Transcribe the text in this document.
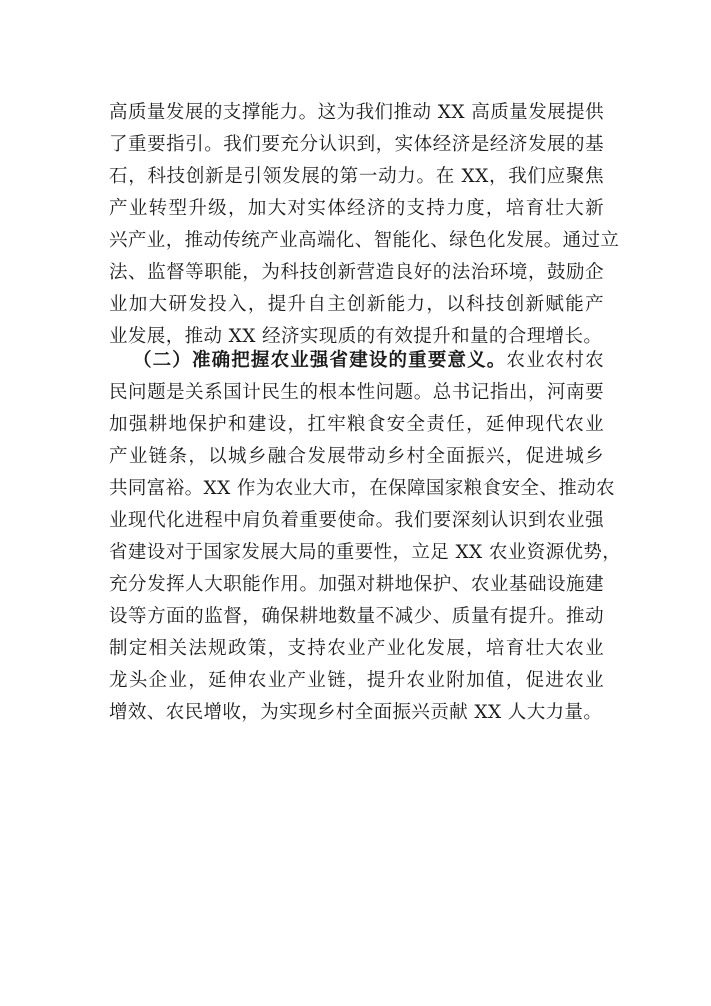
高质量发展的支撑能力。这为我们推动 XX 高质量发展提供
了重要指引。我们要充分认识到，实体经济是经济发展的基
石，科技创新是引领发展的第一动力。在 XX，我们应聚焦
产业转型升级，加大对实体经济的支持力度，培育壮大新
兴产业，推动传统产业高端化、智能化、绿色化发展。通过立
法、监督等职能，为科技创新营造良好的法治环境，鼓励企
业加大研发投入，提升自主创新能力，以科技创新赋能产
业发展，推动 XX 经济实现质的有效提升和量的合理增长。
（二）准确把握农业强省建设的重要意义。农业农村农
民问题是关系国计民生的根本性问题。总书记指出，河南要
加强耕地保护和建设，扛牢粮食安全责任，延伸现代农业
产业链条，以城乡融合发展带动乡村全面振兴，促进城乡
共同富裕。XX 作为农业大市，在保障国家粮食安全、推动农
业现代化进程中肩负着重要使命。我们要深刻认识到农业强
省建设对于国家发展大局的重要性，立足 XX 农业资源优势，
充分发挥人大职能作用。加强对耕地保护、农业基础设施建
设等方面的监督，确保耕地数量不减少、质量有提升。推动
制定相关法规政策，支持农业产业化发展，培育壮大农业
龙头企业，延伸农业产业链，提升农业附加值，促进农业
增效、农民增收，为实现乡村全面振兴贡献 XX 人大力量。
